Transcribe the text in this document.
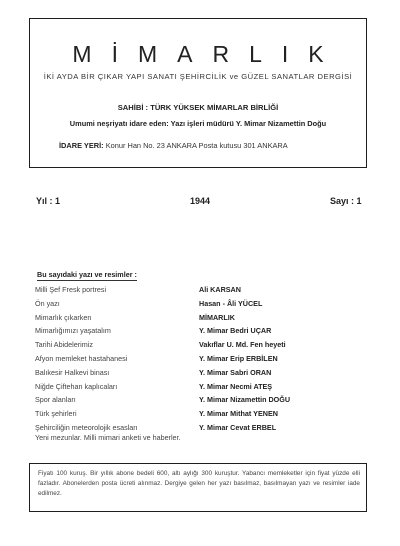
MİMARLIK
İKİ AYDA BİR ÇIKAR YAPI SANATI ŞEHİRCİLİK ve GÜZEL SANATLAR DERGİSİ
SAHİBİ : TÜRK YÜKSEK MİMARLAR BİRLİĞİ
Umumi neşriyatı idare eden: Yazı işleri müdürü Y. Mimar Nizamettin Doğu
İDARE YERİ: Konur Han No. 23 ANKARA Posta kutusu 301 ANKARA
Yıl : 1	1944	Sayı : 1
Bu sayıdaki yazı ve resimler :
Milli Şef Fresk portresi	Ali KARSAN
Ön yazı	Hasan - Âli YÜCEL
Mimarlık çıkarken	MİMARLIK
Mimarlığımızı yaşatalım	Y. Mimar Bedri UÇAR
Tarihi Abidelerimiz	Vakıflar U. Md. Fen heyeti
Afyon memleket hastahanesi	Y. Mimar Erip ERBİLEN
Balıkesir Halkevi binası	Y. Mimar Sabri ORAN
Niğde Çiftehan kaplıcaları	Y. Mimar Necmi ATEŞ
Spor alanları	Y. Mimar Nizamettin DOĞU
Türk şehirleri	Y. Mimar Mithat YENEN
Şehirciliğin meteorolojik esasları	Y. Mimar Cevat ERBEL
Yeni mezunlar. Milli mimari anketi ve haberler.
Fiyatı 100 kuruş. Bir yıllık abone bedeli 600, altı aylığı 300 kuruştur. Yabancı memleketler için fiyat yüzde elli fazladır. Abonelerden posta ücreti alınmaz. Dergiye gelen her yazı basılmaz, basılmayan yazı ve resimler iade edilmez.
